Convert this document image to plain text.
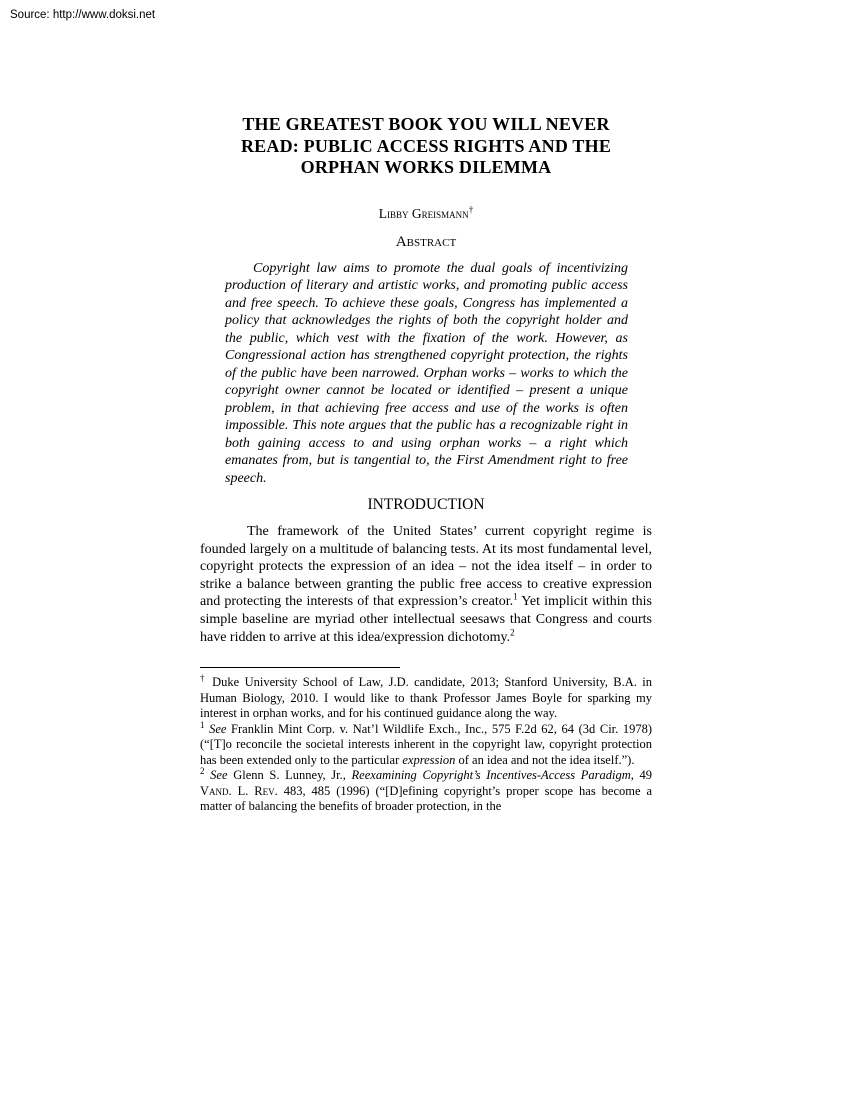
Source: http://www.doksi.net
THE GREATEST BOOK YOU WILL NEVER
READ: PUBLIC ACCESS RIGHTS AND THE
ORPHAN WORKS DILEMMA
Libby Greismann†
Abstract

Copyright law aims to promote the dual goals of incentivizing production of literary and artistic works, and promoting public access and free speech. To achieve these goals, Congress has implemented a policy that acknowledges the rights of both the copyright holder and the public, which vest with the fixation of the work. However, as Congressional action has strengthened copyright protection, the rights of the public have been narrowed. Orphan works – works to which the copyright owner cannot be located or identified – present a unique problem, in that achieving free access and use of the works is often impossible. This note argues that the public has a recognizable right in both gaining access to and using orphan works – a right which emanates from, but is tangential to, the First Amendment right to free speech.

INTRODUCTION

The framework of the United States’ current copyright regime is founded largely on a multitude of balancing tests. At its most fundamental level, copyright protects the expression of an idea – not the idea itself – in order to strike a balance between granting the public free access to creative expression and protecting the interests of that expression’s creator.$^1$ Yet implicit within this simple baseline are myriad other intellectual seesaws that Congress and courts have ridden to arrive at this idea/expression dichotomy.$^2$

† Duke University School of Law, J.D. candidate, 2013; Stanford University, B.A. in Human Biology, 2010. I would like to thank Professor James Boyle for sparking my interest in orphan works, and for his continued guidance along the way.

$^1$ See Franklin Mint Corp. v. Nat’l Wildlife Exch., Inc., 575 F.2d 62, 64 (3d Cir. 1978) (“[T]o reconcile the societal interests inherent in the copyright law, copyright protection has been extended only to the particular expression of an idea and not the idea itself.”).

$^2$ See Glenn S. Lunney, Jr., Reexamining Copyright’s Incentives-Access Paradigm, 49 Vand. L. Rev. 483, 485 (1996) (“[D]efining copyright’s proper scope has become a matter of balancing the benefits of broader protection, in the
